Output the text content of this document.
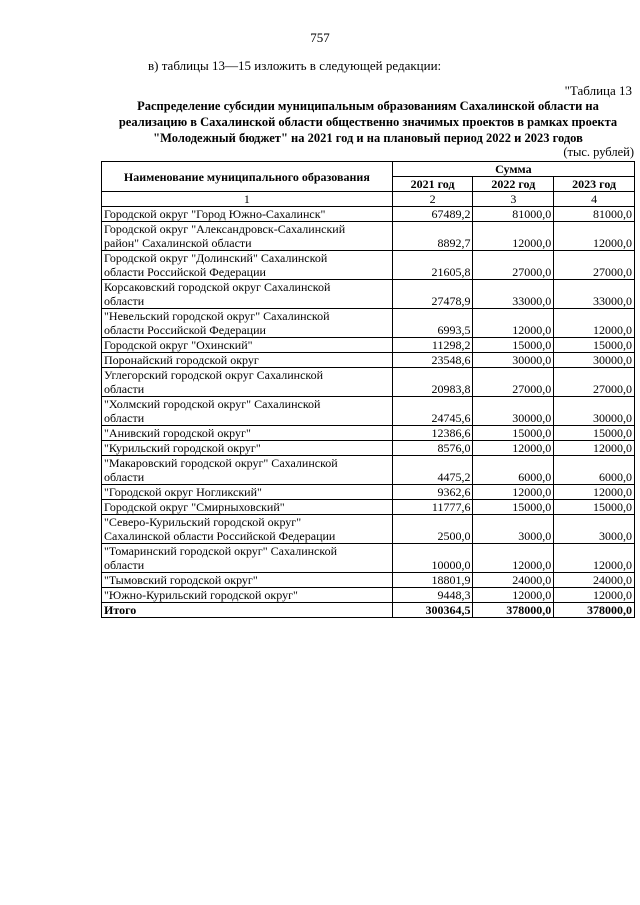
757
в) таблицы 13—15 изложить в следующей редакции:
"Таблица 13
Распределение субсидии муниципальным образованиям Сахалинской области на
реализацию в Сахалинской области общественно значимых проектов в рамках проекта
"Молодежный бюджет" на 2021 год и на плановый период 2022 и 2023 годов
(тыс. рублей)
Наименование муниципального образования	Сумма		
	2021 год	2022 год	2023 год
1	2	3	4

Городской округ "Город Южно-Сахалинск"	67489,2	81000,0	81000,0

Городской округ "Александровск-Сахалинский
район" Сахалинской области	8892,7	12000,0	12000,0

Городской округ "Долинский" Сахалинской
области Российской Федерации	21605,8	27000,0	27000,0

Корсаковский городской округ Сахалинской
области	27478,9	33000,0	33000,0

"Невельский городской округ" Сахалинской
области Российской Федерации	6993,5	12000,0	12000,0

Городской округ "Охинский"	11298,2	15000,0	15000,0

Поронайский городской округ	23548,6	30000,0	30000,0

Углегорский городской округ Сахалинской
области	20983,8	27000,0	27000,0

"Холмский городской округ" Сахалинской
области	24745,6	30000,0	30000,0

"Анивский городской округ"	12386,6	15000,0	15000,0

"Курильский городской округ"	8576,0	12000,0	12000,0

"Макаровский городской округ" Сахалинской
области	4475,2	6000,0	6000,0

"Городской округ Ногликский"	9362,6	12000,0	12000,0

Городской округ "Смирныховский"	11777,6	15000,0	15000,0

"Северо-Курильский городской округ"
Сахалинской области Российской Федерации	2500,0	3000,0	3000,0

"Томаринский городской округ" Сахалинской
области	10000,0	12000,0	12000,0

"Тымовский городской округ"	18801,9	24000,0	24000,0

"Южно-Курильский городской округ"	9448,3	12000,0	12000,0
Итого	300364,5	378000,0	378000,0
